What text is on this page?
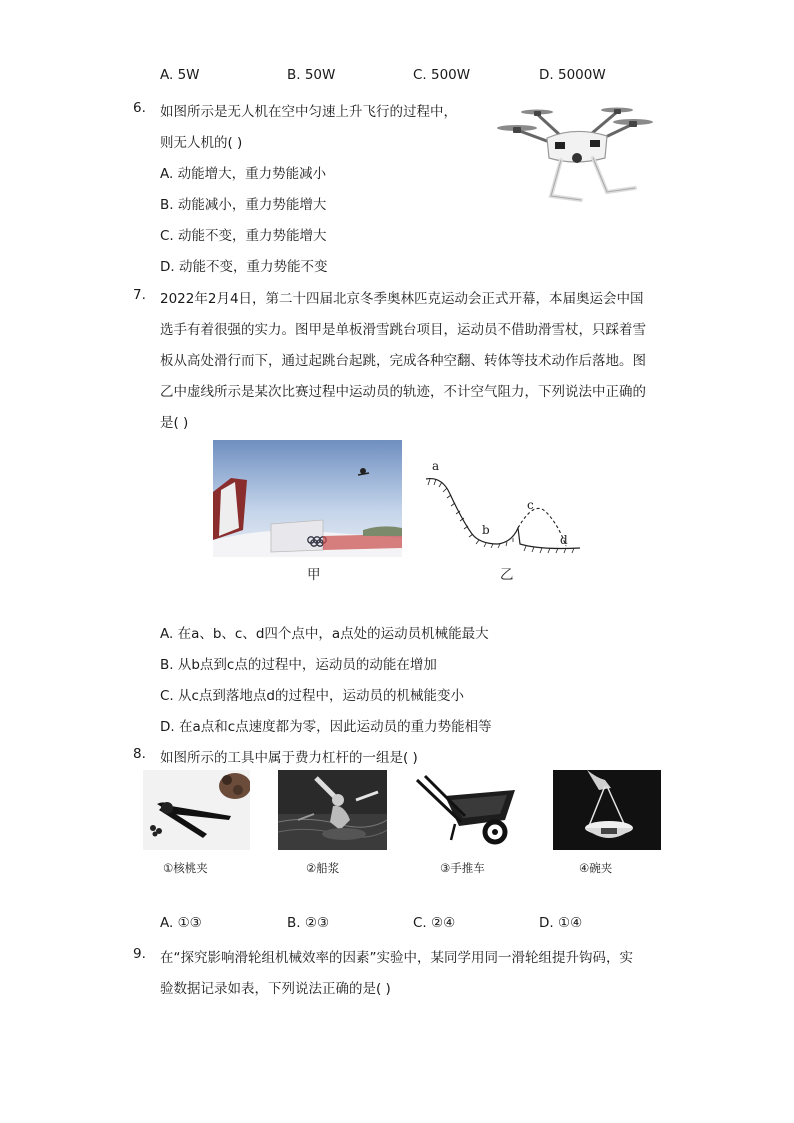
A. 5W	B. 50W	C. 500W	D. 5000W
6. 如图所示是无人机在空中匀速上升飞行的过程中，
则无人机的( )
A. 动能增大，重力势能减小
B. 动能减小，重力势能增大
C. 动能不变，重力势能增大
D. 动能不变，重力势能不变
7. 2022年2月4日，第二十四届北京冬季奥林匹克运动会正式开幕，本届奥运会中国
选手有着很强的实力。图甲是单板滑雪跳台项目，运动员不借助滑雪杖，只踩着雪
板从高处滑行而下，通过起跳台起跳，完成各种空翻、转体等技术动作后落地。图
乙中虚线所示是某次比赛过程中运动员的轨迹，不计空气阻力，下列说法中正确的
是( )
甲
a
b
c
d
乙
A. 在a、b、c、d四个点中，a点处的运动员机械能最大
B. 从b点到c点的过程中，运动员的动能在增加
C. 从c点到落地点d的过程中，运动员的机械能变小
D. 在a点和c点速度都为零，因此运动员的重力势能相等
8. 如图所示的工具中属于费力杠杆的一组是( )
①核桃夹	②船浆	③手推车	④碗夹
A. ①③	B. ②③	C. ②④	D. ①④
9. 在“探究影响滑轮组机械效率的因素”实验中，某同学用同一滑轮组提升钩码，实
验数据记录如表，下列说法正确的是( )
